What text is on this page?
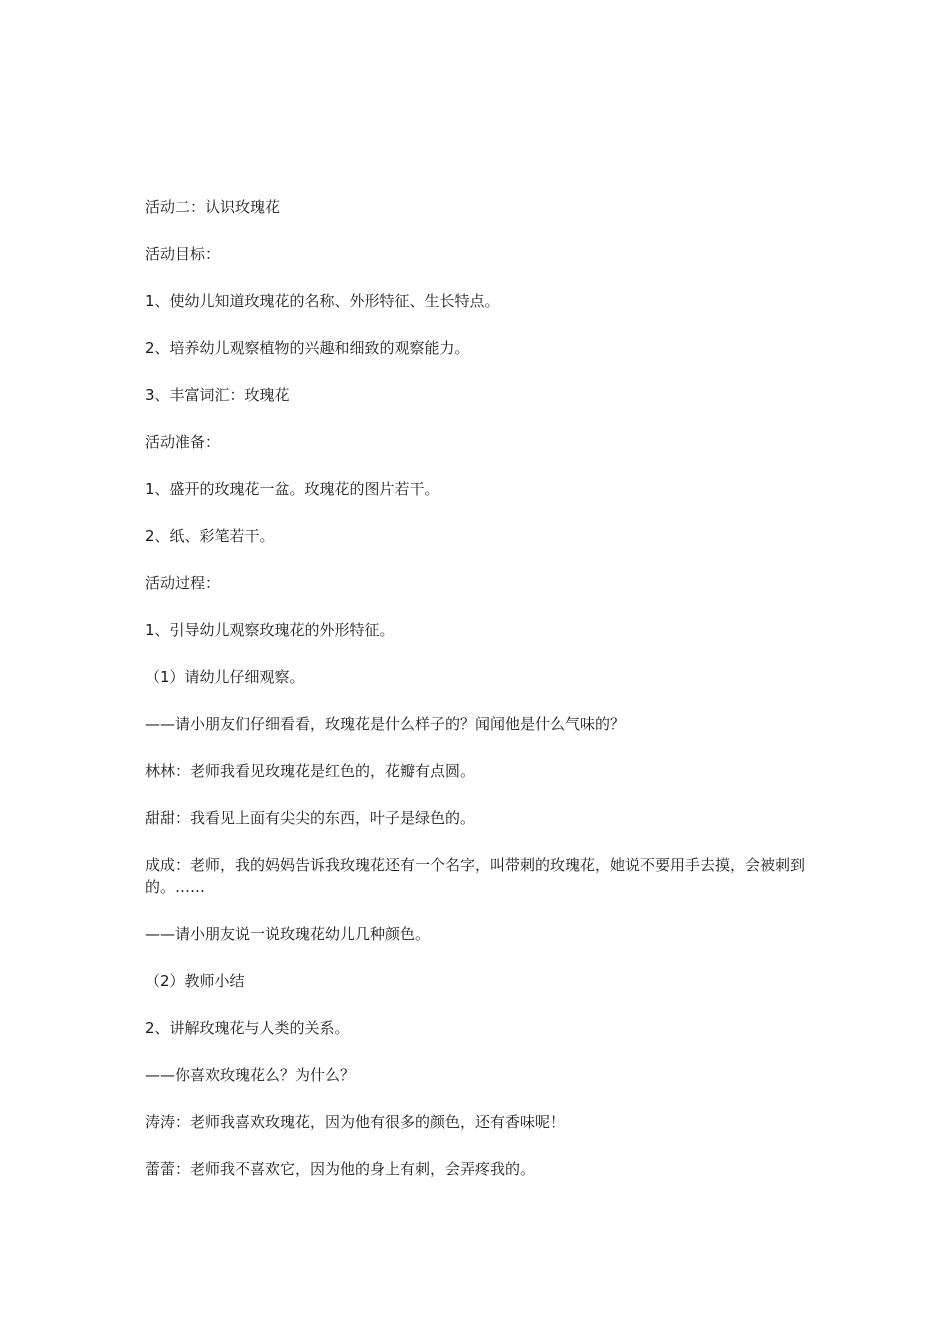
活动二：认识玫瑰花

活动目标：

1、使幼儿知道玫瑰花的名称、外形特征、生长特点。

2、培养幼儿观察植物的兴趣和细致的观察能力。

3、丰富词汇：玫瑰花

活动准备：

1、盛开的玫瑰花一盆。玫瑰花的图片若干。

2、纸、彩笔若干。

活动过程：

1、引导幼儿观察玫瑰花的外形特征。

（1）请幼儿仔细观察。

——请小朋友们仔细看看，玫瑰花是什么样子的？闻闻他是什么气味的？

林林：老师我看见玫瑰花是红色的，花瓣有点圆。

甜甜：我看见上面有尖尖的东西，叶子是绿色的。

成成：老师，我的妈妈告诉我玫瑰花还有一个名字，叫带刺的玫瑰花，她说不要用手去摸，会被刺到的。……

——请小朋友说一说玫瑰花幼儿几种颜色。

（2）教师小结

2、讲解玫瑰花与人类的关系。

——你喜欢玫瑰花么？为什么？

涛涛：老师我喜欢玫瑰花，因为他有很多的颜色，还有香味呢！

蕾蕾：老师我不喜欢它，因为他的身上有刺，会弄疼我的。
